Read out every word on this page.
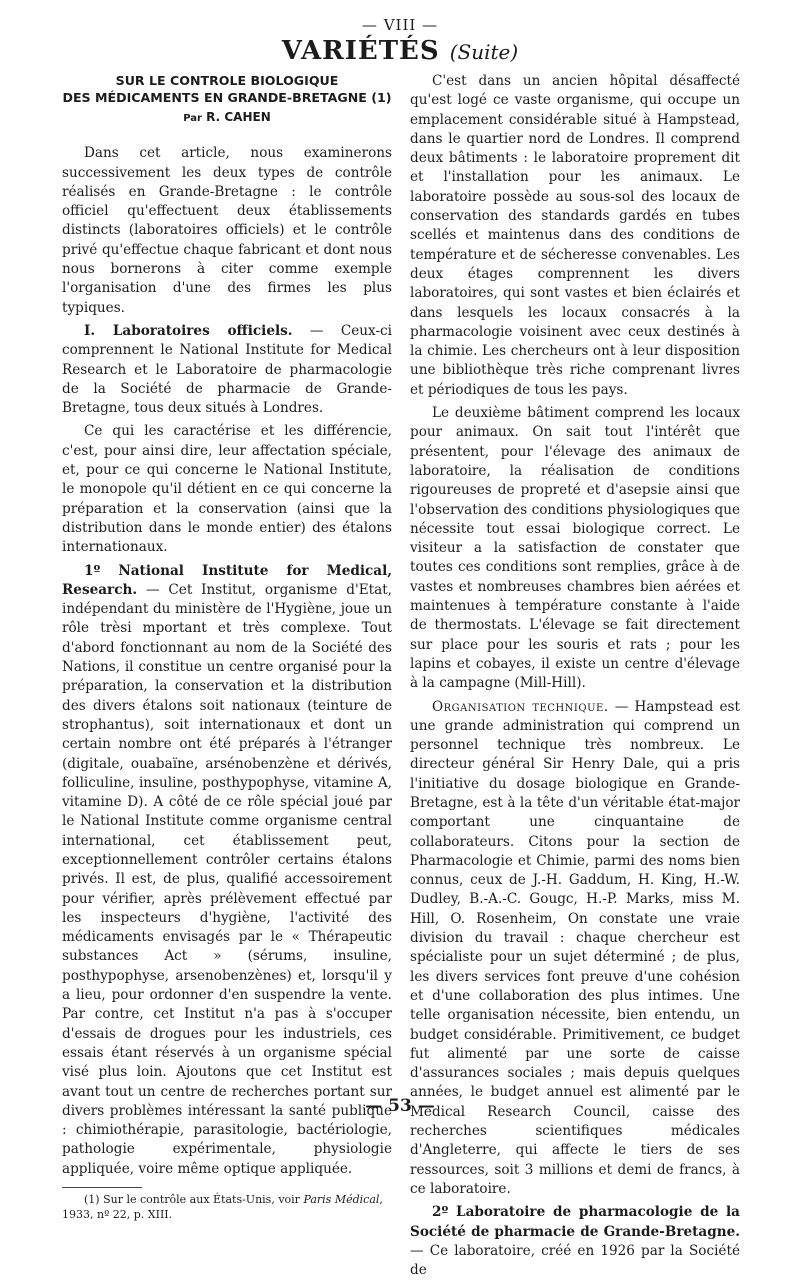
— VIII —
VARIÉTÉS (Suite)
SUR LE CONTROLE BIOLOGIQUE
DES MÉDICAMENTS EN GRANDE-BRETAGNE (1)
Par R. CAHEN

Dans cet article, nous examinerons successivement les deux types de contrôle réalisés en Grande-Bretagne : le contrôle officiel qu'effectuent deux établissements distincts (laboratoires officiels) et le contrôle privé qu'effectue chaque fabricant et dont nous nous bornerons à citer comme exemple l'organisation d'une des firmes les plus typiques.

I. Laboratoires officiels. — Ceux-ci comprennent le National Institute for Medical Research et le Laboratoire de pharmacologie de la Société de pharmacie de Grande-Bretagne, tous deux situés à Londres.

Ce qui les caractérise et les différencie, c'est, pour ainsi dire, leur affectation spéciale, et, pour ce qui concerne le National Institute, le monopole qu'il détient en ce qui concerne la préparation et la conservation (ainsi que la distribution dans le monde entier) des étalons internationaux.

1º National Institute for Medical, Research. — Cet Institut, organisme d'Etat, indépendant du ministère de l'Hygiène, joue un rôle trèsi mportant et très complexe. Tout d'abord fonctionnant au nom de la Société des Nations, il constitue un centre organisé pour la préparation, la conservation et la distribution des divers étalons soit nationaux (teinture de strophantus), soit internationaux et dont un certain nombre ont été préparés à l'étranger (digitale, ouabaïne, arsénobenzène et dérivés, folliculine, insuline, posthypophyse, vitamine A, vitamine D). A côté de ce rôle spécial joué par le National Institute comme organisme central international, cet établissement peut, exceptionnellement contrôler certains étalons privés. Il est, de plus, qualifié accessoirement pour vérifier, après prélèvement effectué par les inspecteurs d'hygiène, l'activité des médicaments envisagés par le « Thérapeutic substances Act » (sérums, insuline, posthypophyse, arsenobenzènes) et, lorsqu'il y a lieu, pour ordonner d'en suspendre la vente. Par contre, cet Institut n'a pas à s'occuper d'essais de drogues pour les industriels, ces essais étant réservés à un organisme spécial visé plus loin. Ajoutons que cet Institut est avant tout un centre de recherches portant sur divers problèmes intéressant la santé publique : chimiothérapie, parasitologie, bactériologie, pathologie expérimentale, physiologie appliquée, voire même optique appliquée.

(1) Sur le contrôle aux États-Unis, voir Paris Médical, 1933, nº 22, p. XIII.

C'est dans un ancien hôpital désaffecté qu'est logé ce vaste organisme, qui occupe un emplacement considérable situé à Hampstead, dans le quartier nord de Londres. Il comprend deux bâtiments : le laboratoire proprement dit et l'installation pour les animaux. Le laboratoire possède au sous-sol des locaux de conservation des standards gardés en tubes scellés et maintenus dans des conditions de température et de sécheresse convenables. Les deux étages comprennent les divers laboratoires, qui sont vastes et bien éclairés et dans lesquels les locaux consacrés à la pharmacologie voisinent avec ceux destinés à la chimie. Les chercheurs ont à leur disposition une bibliothèque très riche comprenant livres et périodiques de tous les pays.

Le deuxième bâtiment comprend les locaux pour animaux. On sait tout l'intérêt que présentent, pour l'élevage des animaux de laboratoire, la réalisation de conditions rigoureuses de propreté et d'asepsie ainsi que l'observation des conditions physiologiques que nécessite tout essai biologique correct. Le visiteur a la satisfaction de constater que toutes ces conditions sont remplies, grâce à de vastes et nombreuses chambres bien aérées et maintenues à température constante à l'aide de thermostats. L'élevage se fait directement sur place pour les souris et rats ; pour les lapins et cobayes, il existe un centre d'élevage à la campagne (Mill-Hill).

Organisation technique. — Hampstead est une grande administration qui comprend un personnel technique très nombreux. Le directeur général Sir Henry Dale, qui a pris l'initiative du dosage biologique en Grande-Bretagne, est à la tête d'un véritable état-major comportant une cinquantaine de collaborateurs. Citons pour la section de Pharmacologie et Chimie, parmi des noms bien connus, ceux de J.-H. Gaddum, H. King, H.-W. Dudley, B.-A.-C. Gougc, H.-P. Marks, miss M. Hill, O. Rosenheim, On constate une vraie division du travail : chaque chercheur est spécialiste pour un sujet déterminé ; de plus, les divers services font preuve d'une cohésion et d'une collaboration des plus intimes. Une telle organisation nécessite, bien entendu, un budget considérable. Primitivement, ce budget fut alimenté par une sorte de caisse d'assurances sociales ; mais depuis quelques années, le budget annuel est alimenté par le Medical Research Council, caisse des recherches scientifiques médicales d'Angleterre, qui affecte le tiers de ses ressources, soit 3 millions et demi de francs, à ce laboratoire.

2º Laboratoire de pharmacologie de la Société de pharmacie de Grande-Bretagne. — Ce laboratoire, créé en 1926 par la Société de

— 53 —
